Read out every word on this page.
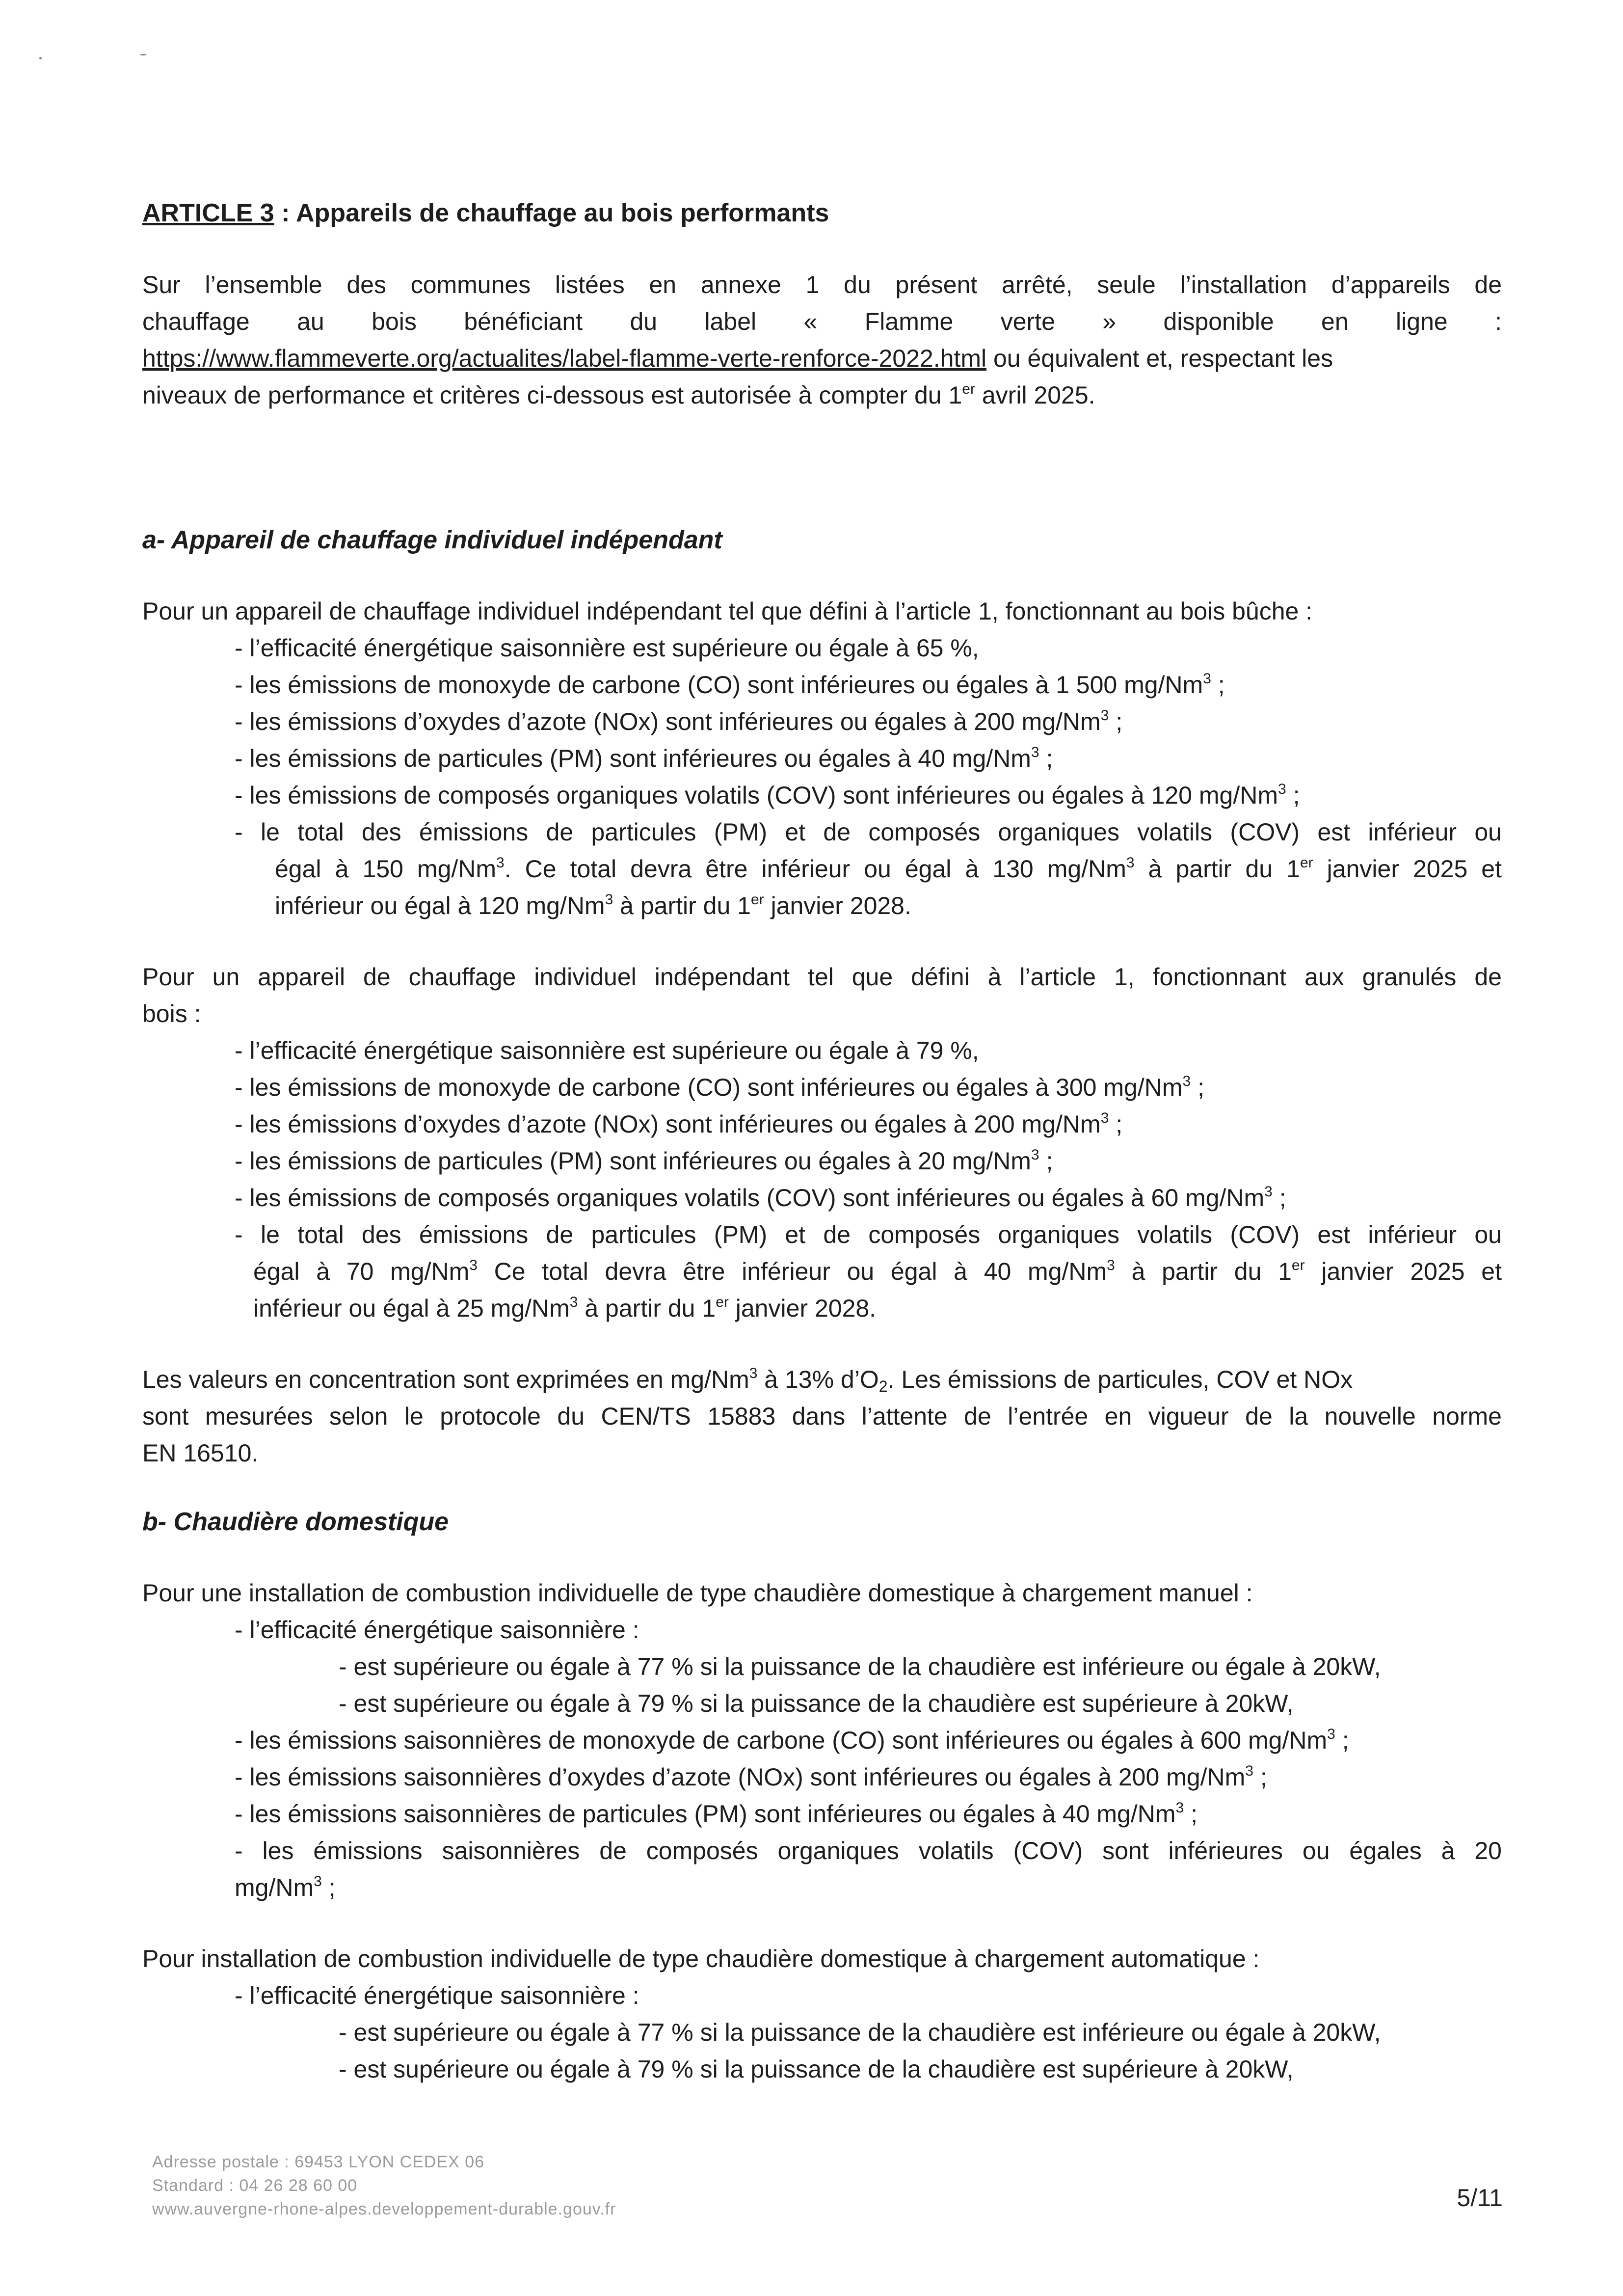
ARTICLE 3 : Appareils de chauffage au bois performants
Sur l’ensemble des communes listées en annexe 1 du présent arrêté, seule l’installation d’appareils de
chauffage au bois bénéficiant du label « Flamme verte » disponible en ligne :
https://www.flammeverte.org/actualites/label-flamme-verte-renforce-2022.html ou équivalent et, respectant les
niveaux de performance et critères ci-dessous est autorisée à compter du 1er avril 2025.
a- Appareil de chauffage individuel indépendant
Pour un appareil de chauffage individuel indépendant tel que défini à l’article 1, fonctionnant au bois bûche :
- l’efficacité énergétique saisonnière est supérieure ou égale à 65 %,
- les émissions de monoxyde de carbone (CO) sont inférieures ou égales à 1 500 mg/Nm$^3$ ;
- les émissions d’oxydes d’azote (NOx) sont inférieures ou égales à 200 mg/Nm$^3$ ;
- les émissions de particules (PM) sont inférieures ou égales à 40 mg/Nm$^3$ ;
- les émissions de composés organiques volatils (COV) sont inférieures ou égales à 120 mg/Nm$^3$ ;
- le total des émissions de particules (PM) et de composés organiques volatils (COV) est inférieur ou
égal à 150 mg/Nm$^3$. Ce total devra être inférieur ou égal à 130 mg/Nm$^3$ à partir du 1er janvier 2025 et
inférieur ou égal à 120 mg/Nm$^3$ à partir du 1er janvier 2028.
Pour un appareil de chauffage individuel indépendant tel que défini à l’article 1, fonctionnant aux granulés de
bois :
- l’efficacité énergétique saisonnière est supérieure ou égale à 79 %,
- les émissions de monoxyde de carbone (CO) sont inférieures ou égales à 300 mg/Nm$^3$ ;
- les émissions d’oxydes d’azote (NOx) sont inférieures ou égales à 200 mg/Nm$^3$ ;
- les émissions de particules (PM) sont inférieures ou égales à 20 mg/Nm$^3$ ;
- les émissions de composés organiques volatils (COV) sont inférieures ou égales à 60 mg/Nm$^3$ ;
- le total des émissions de particules (PM) et de composés organiques volatils (COV) est inférieur ou
égal à 70 mg/Nm$^3$ Ce total devra être inférieur ou égal à 40 mg/Nm$^3$ à partir du 1er janvier 2025 et
inférieur ou égal à 25 mg/Nm$^3$ à partir du 1er janvier 2028.
Les valeurs en concentration sont exprimées en mg/Nm$^3$ à 13% $d’O_2$. Les émissions de particules, COV et NOx
sont mesurées selon le protocole du CEN/TS 15883 dans l’attente de l’entrée en vigueur de la nouvelle norme
EN 16510.
b- Chaudière domestique
Pour une installation de combustion individuelle de type chaudière domestique à chargement manuel :
- l’efficacité énergétique saisonnière :
- est supérieure ou égale à 77 % si la puissance de la chaudière est inférieure ou égale à 20kW,
- est supérieure ou égale à 79 % si la puissance de la chaudière est supérieure à 20kW,
- les émissions saisonnières de monoxyde de carbone (CO) sont inférieures ou égales à 600 mg/Nm$^3$ ;
- les émissions saisonnières d’oxydes d’azote (NOx) sont inférieures ou égales à 200 mg/Nm$^3$ ;
- les émissions saisonnières de particules (PM) sont inférieures ou égales à 40 mg/Nm$^3$ ;
- les émissions saisonnières de composés organiques volatils (COV) sont inférieures ou égales à 20
mg/Nm$^3$ ;
Pour installation de combustion individuelle de type chaudière domestique à chargement automatique :
- l’efficacité énergétique saisonnière :
- est supérieure ou égale à 77 % si la puissance de la chaudière est inférieure ou égale à 20kW,
- est supérieure ou égale à 79 % si la puissance de la chaudière est supérieure à 20kW,
Adresse postale : 69453 LYON CEDEX 06
Standard : 04 26 28 60 00
www.auvergne-rhone-alpes.developpement-durable.gouv.fr	5/11
